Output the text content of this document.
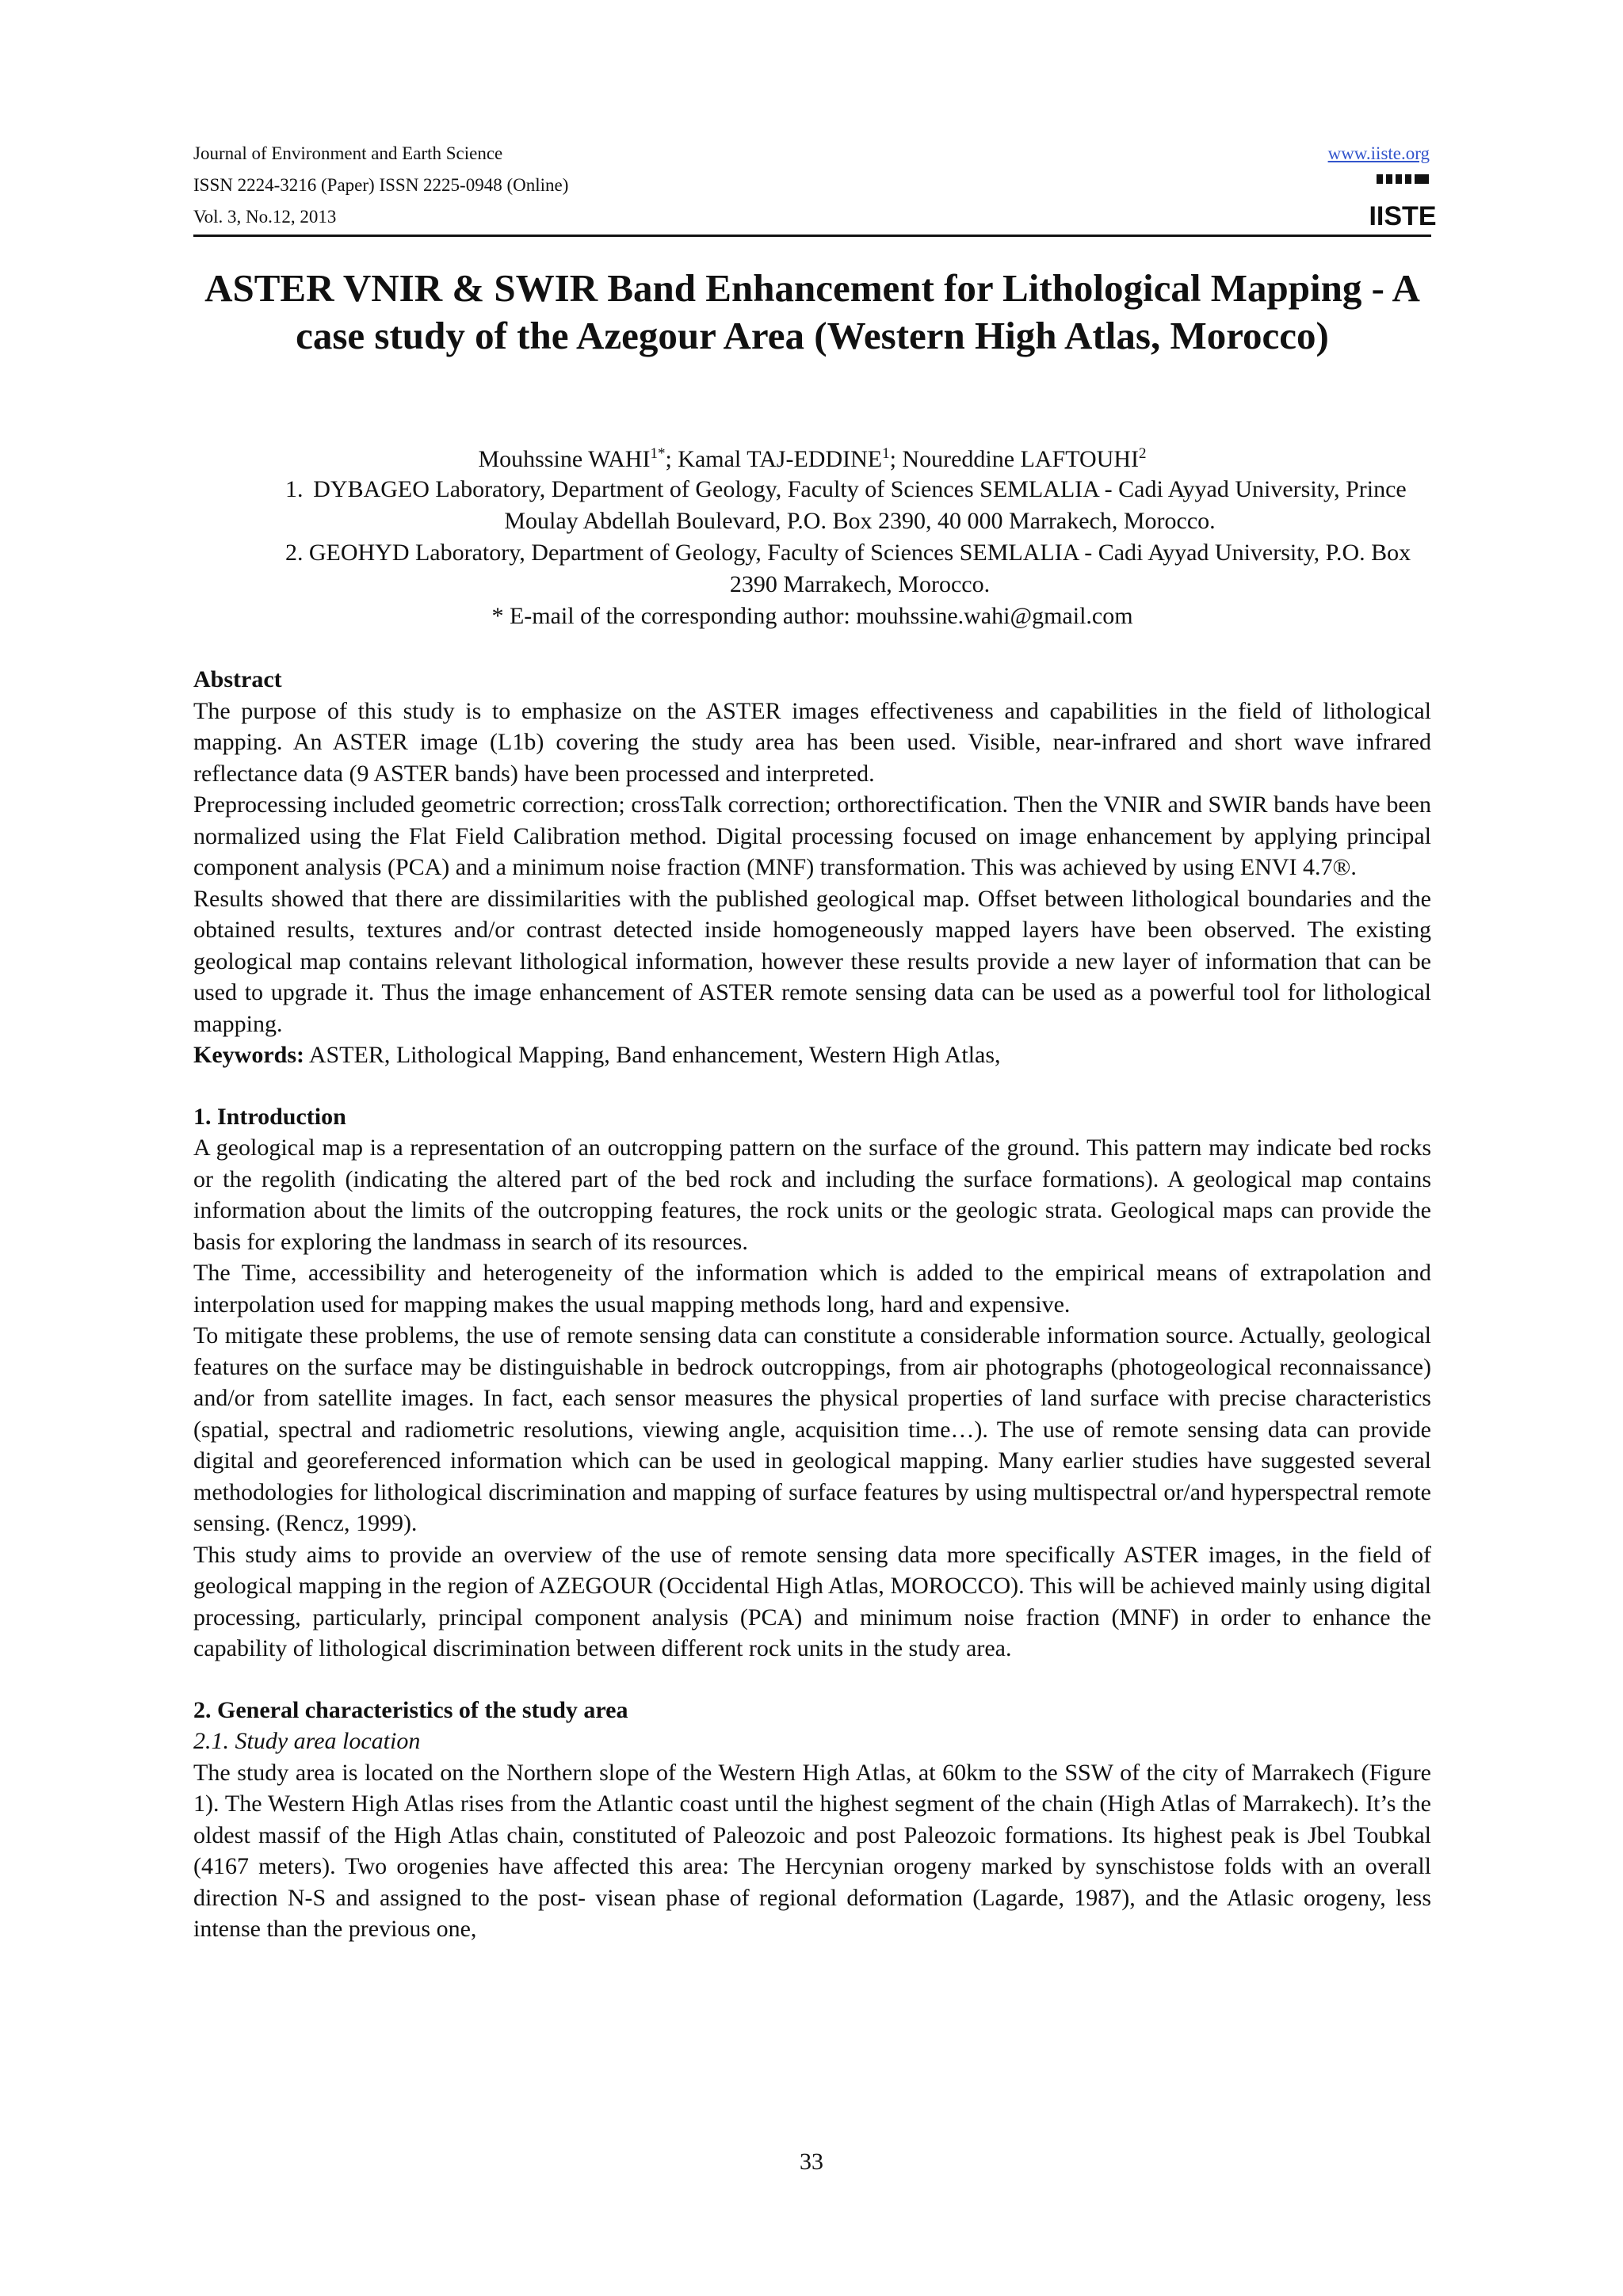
Journal of Environment and Earth Science
ISSN 2224-3216 (Paper) ISSN 2225-0948 (Online)
Vol. 3, No.12, 2013
www.iiste.org
IISTE
ASTER VNIR & SWIR Band Enhancement for Lithological Mapping - A case study of the Azegour Area (Western High Atlas, Morocco)
Mouhssine $WAHI^{1*}$; Kamal TAJ-EDDINE$^1$; Noureddine LAFTOUHI$^2$
1. DYBAGEO Laboratory, Department of Geology, Faculty of Sciences SEMLALIA - Cadi Ayyad University, Prince Moulay Abdellah Boulevard, P.O. Box 2390, 40 000 Marrakech, Morocco.
2. GEOHYD Laboratory, Department of Geology, Faculty of Sciences SEMLALIA - Cadi Ayyad University, P.O. Box 2390 Marrakech, Morocco.
* E-mail of the corresponding author: mouhssine.wahi@gmail.com
Abstract

The purpose of this study is to emphasize on the ASTER images effectiveness and capabilities in the field of lithological mapping. An ASTER image (L1b) covering the study area has been used. Visible, near-infrared and short wave infrared reflectance data (9 ASTER bands) have been processed and interpreted.

Preprocessing included geometric correction; crossTalk correction; orthorectification. Then the VNIR and SWIR bands have been normalized using the Flat Field Calibration method. Digital processing focused on image enhancement by applying principal component analysis (PCA) and a minimum noise fraction (MNF) transformation. This was achieved by using ENVI 4.7®.

Results showed that there are dissimilarities with the published geological map. Offset between lithological boundaries and the obtained results, textures and/or contrast detected inside homogeneously mapped layers have been observed. The existing geological map contains relevant lithological information, however these results provide a new layer of information that can be used to upgrade it. Thus the image enhancement of ASTER remote sensing data can be used as a powerful tool for lithological mapping.

Keywords: ASTER, Lithological Mapping, Band enhancement, Western High Atlas,

1. Introduction

A geological map is a representation of an outcropping pattern on the surface of the ground. This pattern may indicate bed rocks or the regolith (indicating the altered part of the bed rock and including the surface formations). A geological map contains information about the limits of the outcropping features, the rock units or the geologic strata. Geological maps can provide the basis for exploring the landmass in search of its resources.

The Time, accessibility and heterogeneity of the information which is added to the empirical means of extrapolation and interpolation used for mapping makes the usual mapping methods long, hard and expensive.

To mitigate these problems, the use of remote sensing data can constitute a considerable information source. Actually, geological features on the surface may be distinguishable in bedrock outcroppings, from air photographs (photogeological reconnaissance) and/or from satellite images. In fact, each sensor measures the physical properties of land surface with precise characteristics (spatial, spectral and radiometric resolutions, viewing angle, acquisition time…). The use of remote sensing data can provide digital and georeferenced information which can be used in geological mapping. Many earlier studies have suggested several methodologies for lithological discrimination and mapping of surface features by using multispectral or/and hyperspectral remote sensing. (Rencz, 1999).

This study aims to provide an overview of the use of remote sensing data more specifically ASTER images, in the field of geological mapping in the region of AZEGOUR (Occidental High Atlas, MOROCCO). This will be achieved mainly using digital processing, particularly, principal component analysis (PCA) and minimum noise fraction (MNF) in order to enhance the capability of lithological discrimination between different rock units in the study area.

2. General characteristics of the study area

2.1. Study area location

The study area is located on the Northern slope of the Western High Atlas, at 60km to the SSW of the city of Marrakech (Figure 1). The Western High Atlas rises from the Atlantic coast until the highest segment of the chain (High Atlas of Marrakech). It’s the oldest massif of the High Atlas chain, constituted of Paleozoic and post Paleozoic formations. Its highest peak is Jbel Toubkal (4167 meters). Two orogenies have affected this area: The Hercynian orogeny marked by synschistose folds with an overall direction N-S and assigned to the post- visean phase of regional deformation (Lagarde, 1987), and the Atlasic orogeny, less intense than the previous one,

33
